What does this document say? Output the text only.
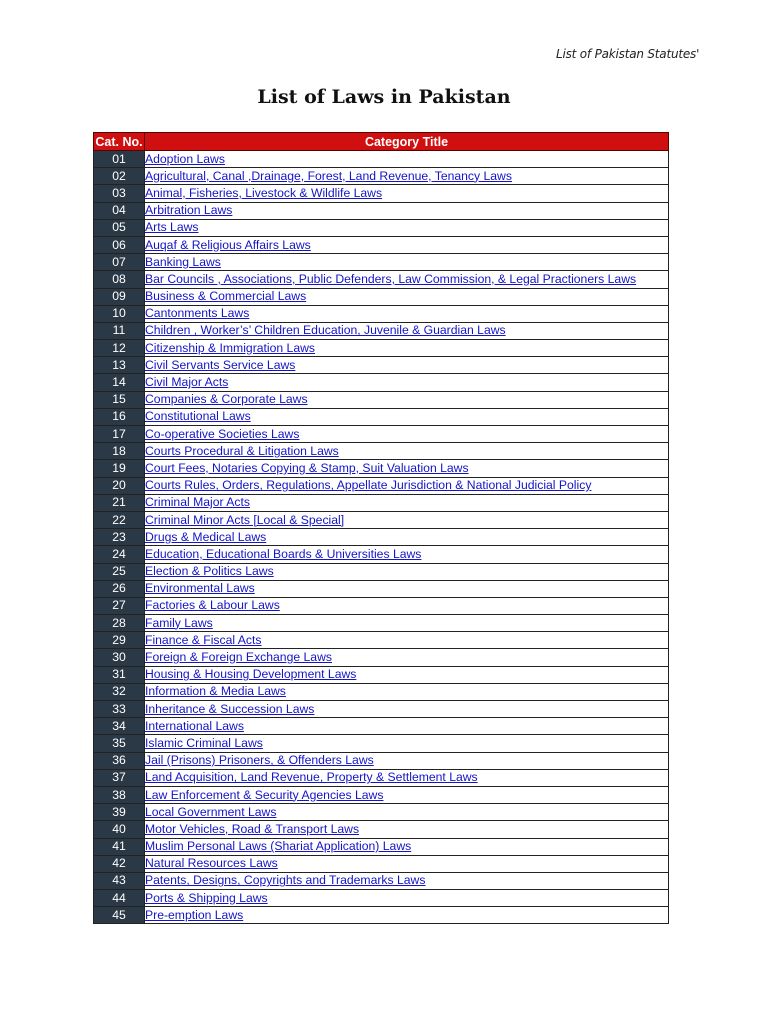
List of Pakistan Statutes'
List of Laws in Pakistan
Cat. No.	Category Title
01	Adoption Laws
02	Agricultural, Canal ,Drainage, Forest, Land Revenue, Tenancy Laws
03	Animal, Fisheries, Livestock & Wildlife Laws
04	Arbitration Laws
05	Arts Laws
06	Auqaf & Religious Affairs Laws
07	Banking Laws
08	Bar Councils , Associations, Public Defenders, Law Commission, & Legal Practioners Laws
09	Business & Commercial Laws
10	Cantonments Laws
11	Children , Worker’s’ Children Education, Juvenile & Guardian Laws
12	Citizenship & Immigration Laws
13	Civil Servants Service Laws
14	Civil Major Acts
15	Companies & Corporate Laws
16	Constitutional Laws
17	Co-operative Societies Laws
18	Courts Procedural & Litigation Laws
19	Court Fees, Notaries Copying & Stamp, Suit Valuation Laws
20	Courts Rules, Orders, Regulations, Appellate Jurisdiction & National Judicial Policy
21	Criminal Major Acts
22	Criminal Minor Acts [Local & Special]
23	Drugs & Medical Laws
24	Education, Educational Boards & Universities Laws
25	Election & Politics Laws
26	Environmental Laws
27	Factories & Labour Laws
28	Family Laws
29	Finance & Fiscal Acts
30	Foreign & Foreign Exchange Laws
31	Housing & Housing Development Laws
32	Information & Media Laws
33	Inheritance & Succession Laws
34	International Laws
35	Islamic Criminal Laws
36	Jail (Prisons) Prisoners, & Offenders Laws
37	Land Acquisition, Land Revenue, Property & Settlement Laws
38	Law Enforcement & Security Agencies Laws
39	Local Government Laws
40	Motor Vehicles, Road & Transport Laws
41	Muslim Personal Laws (Shariat Application) Laws
42	Natural Resources Laws
43	Patents, Designs, Copyrights and Trademarks Laws
44	Ports & Shipping Laws
45	Pre-emption Laws
